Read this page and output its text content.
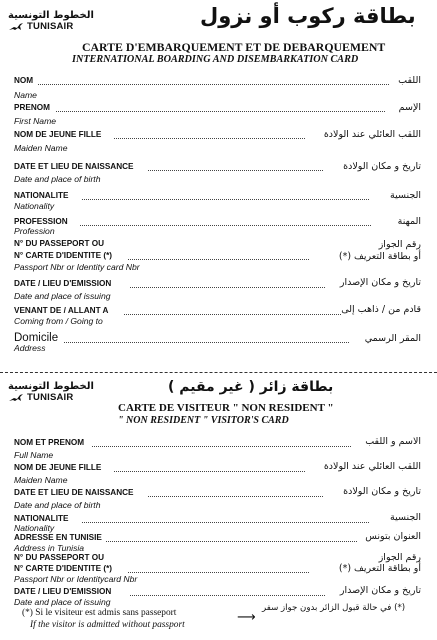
الخطوط التونسية
TUNISAIR	بطاقة ركوب أو نزول
CARTE D'EMBARQUEMENT ET DE DEBARQUEMENT
INTERNATIONAL BOARDING AND DISEMBARKATION CARD
NOM
Name
اللقب
PRENOM
First Name
الإسم
NOM DE JEUNE FILLE
Maiden Name
اللقب العائلي عند الولادة
DATE ET LIEU DE NAISSANCE
Date and place of birth
تاريخ و مكان الولادة
NATIONALITE
Nationality
الجنسية
PROFESSION
Profession
المهنة
N° DU PASSEPORT OU
N° CARTE D'IDENTITE (*)
Passport Nbr or Identity card Nbr
رقم الجواز
أو بطاقة التعريف (*)
DATE / LIEU D'EMISSION
Date and place of issuing
تاريخ و مكان الإصدار
VENANT DE / ALLANT A
Coming from / Going to
قادم من / ذاهب إلى
Domicile
Address
المقر الرسمي
الخطوط التونسية
TUNISAIR
بطاقة زائر ( غير مقيم )
CARTE DE VISITEUR " NON RESIDENT "
" NON RESIDENT " VISITOR'S CARD
NOM ET PRENOM
Full Name
الاسم و اللقب
NOM DE JEUNE FILLE
Maiden Name
اللقب العائلي عند الولادة
DATE ET LIEU DE NAISSANCE
Date and place of birth
تاريخ و مكان الولادة
NATIONALITE
Nationality
الجنسية
ADRESSE EN TUNISIE
Address in Tunisia
العنوان بتونس
N° DU PASSEPORT OU
N° CARTE D'IDENTITE (*)
Passport Nbr or Identitycard Nbr
رقم الجواز
أو بطاقة التعريف (*)
DATE / LIEU D'EMISSION
Date and place of issuing
تاريخ و مكان الإصدار
(*) Si le visiteur est admis sans passeport
If the visitor is admitted without passport	⟶
(*) في حالة قبول الزائر بدون جواز سفر
